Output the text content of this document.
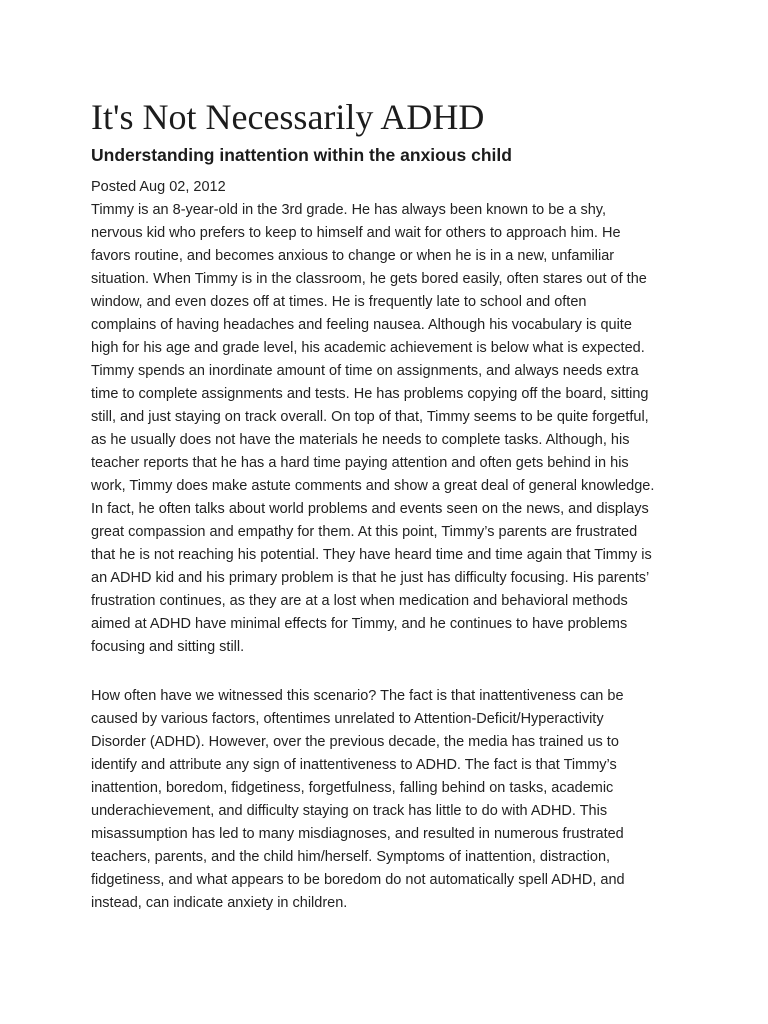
It's Not Necessarily ADHD
Understanding inattention within the anxious child

Posted Aug 02, 2012

Timmy is an 8-year-old in the 3rd grade. He has always been known to be a shy,
nervous kid who prefers to keep to himself and wait for others to approach him. He
favors routine, and becomes anxious to change or when he is in a new, unfamiliar
situation. When Timmy is in the classroom, he gets bored easily, often stares out of the
window, and even dozes off at times. He is frequently late to school and often
complains of having headaches and feeling nausea. Although his vocabulary is quite
high for his age and grade level, his academic achievement is below what is expected.
Timmy spends an inordinate amount of time on assignments, and always needs extra
time to complete assignments and tests. He has problems copying off the board, sitting
still, and just staying on track overall. On top of that, Timmy seems to be quite forgetful,
as he usually does not have the materials he needs to complete tasks. Although, his
teacher reports that he has a hard time paying attention and often gets behind in his
work, Timmy does make astute comments and show a great deal of general knowledge.
In fact, he often talks about world problems and events seen on the news, and displays
great compassion and empathy for them. At this point, Timmy’s parents are frustrated
that he is not reaching his potential. They have heard time and time again that Timmy is
an ADHD kid and his primary problem is that he just has difficulty focusing. His parents’
frustration continues, as they are at a lost when medication and behavioral methods
aimed at ADHD have minimal effects for Timmy, and he continues to have problems
focusing and sitting still.
How often have we witnessed this scenario? The fact is that inattentiveness can be
caused by various factors, oftentimes unrelated to Attention-Deficit/Hyperactivity
Disorder (ADHD). However, over the previous decade, the media has trained us to
identify and attribute any sign of inattentiveness to ADHD. The fact is that Timmy’s
inattention, boredom, fidgetiness, forgetfulness, falling behind on tasks, academic
underachievement, and difficulty staying on track has little to do with ADHD. This
misassumption has led to many misdiagnoses, and resulted in numerous frustrated
teachers, parents, and the child him/herself. Symptoms of inattention, distraction,
fidgetiness, and what appears to be boredom do not automatically spell ADHD, and
instead, can indicate anxiety in children.
